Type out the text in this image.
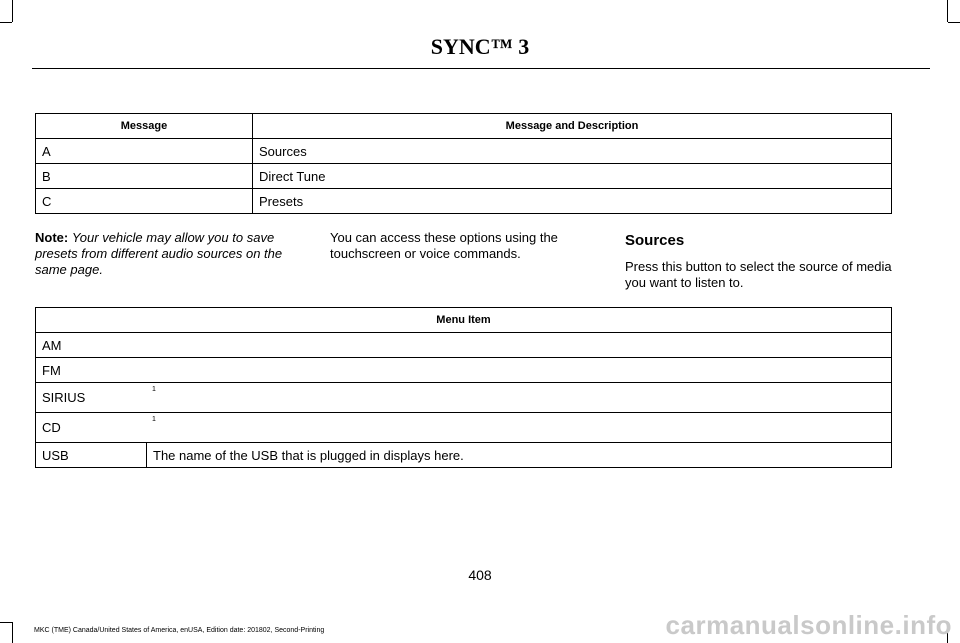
SYNC™ 3
Message	Message and Description
A	Sources
B	Direct Tune
C	Presets
Note: Your vehicle may allow you to save presets from different audio sources on the same page.
You can access these options using the touchscreen or voice commands.
Sources
Press this button to select the source of media you want to listen to.
Menu Item
AM
FM
SIRIUS1
CD1
USB	The name of the USB that is plugged in displays here.
408
MKC (TME) Canada/United States of America, enUSA, Edition date: 201802, Second-Printing	carmanualsonline.info
